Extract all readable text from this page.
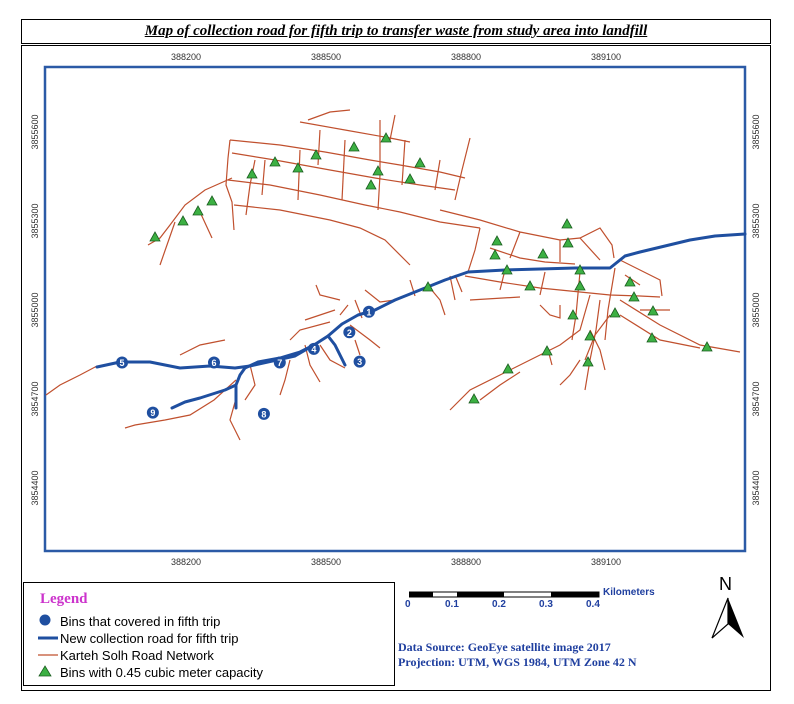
Map of collection road for fifth trip to transfer waste from study area into landfill
388200	388500	388800	389100
388200	388500	388800	389100
3855600
3855300
3855000
3854700
3854400
3855600
3855300
3855000
3854700
3854400
1
2
3
4
5	6	7
8
9
Legend
Bins that covered in fifth trip
New collection road for fifth trip
Karteh Solh Road Network
Bins with 0.45 cubic meter capacity
Kilometers
0	0.1	0.2	0.3	0.4
N
Data Source: GeoEye satellite image 2017
Projection: UTM, WGS 1984, UTM Zone 42 N
